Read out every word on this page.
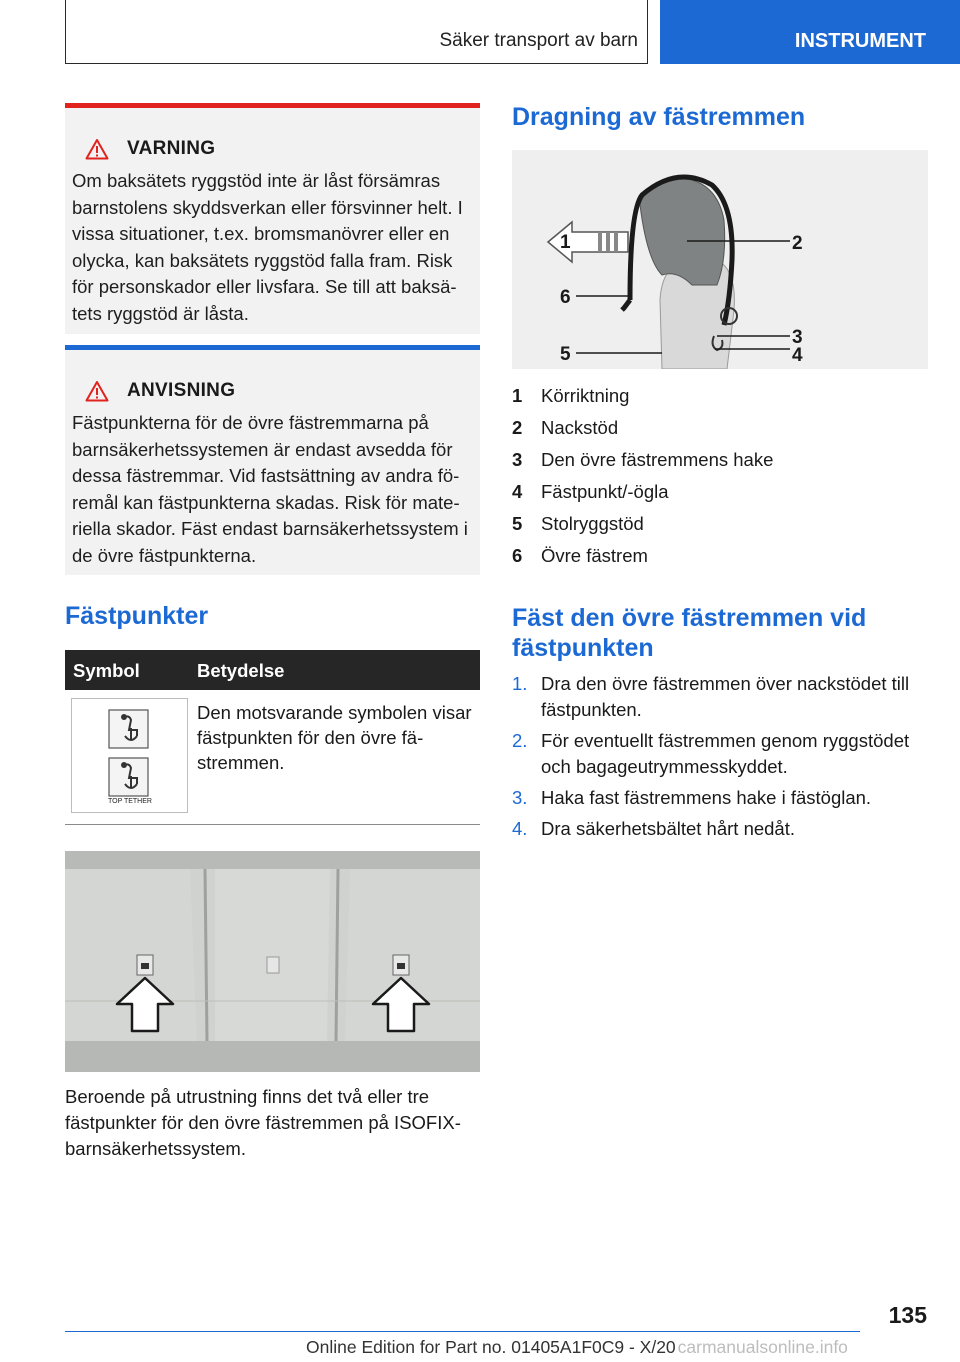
Säker transport av barn	INSTRUMENT
VARNING
Om baksätets ryggstöd inte är låst försämras barnstolens skyddsverkan eller försvinner helt. I vissa situationer, t.ex. bromsmanövrer eller en olycka, kan baksätets ryggstöd falla fram. Risk för personskador eller livsfara. Se till att baksätets ryggstöd är låsta.
ANVISNING
Fästpunkterna för de övre fästremmarna på barnsäkerhetssystemen är endast avsedda för dessa fästremmar. Vid fastsättning av andra föremål kan fästpunkterna skadas. Risk för materiella skador. Fäst endast barnsäkerhetssystem i de övre fästpunkterna.
Fästpunkter
Symbol	Betydelse
TOP TETHER
Den motsvarande symbolen visar fästpunkten för den övre fästremmen.
Beroende på utrustning finns det två eller tre fästpunkter för den övre fästremmen på ISOFIX-barnsäkerhetssystem.
Dragning av fästremmen
1	2
3
4
5
6
1	Körriktning
2	Nackstöd
3	Den övre fästremmens hake
4	Fästpunkt/-ögla
5	Stolryggstöd
6	Övre fästrem
Fäst den övre fästremmen vid fästpunkten
1. Dra den övre fästremmen över nackstödet till fästpunkten.
2. För eventuellt fästremmen genom ryggstödet och bagageutrymmesskyddet.
3. Haka fast fästremmens hake i fästöglan.
4. Dra säkerhetsbältet hårt nedåt.
135
Online Edition for Part no. 01405A1F0C9 - X/20 carmanualsonline.info
